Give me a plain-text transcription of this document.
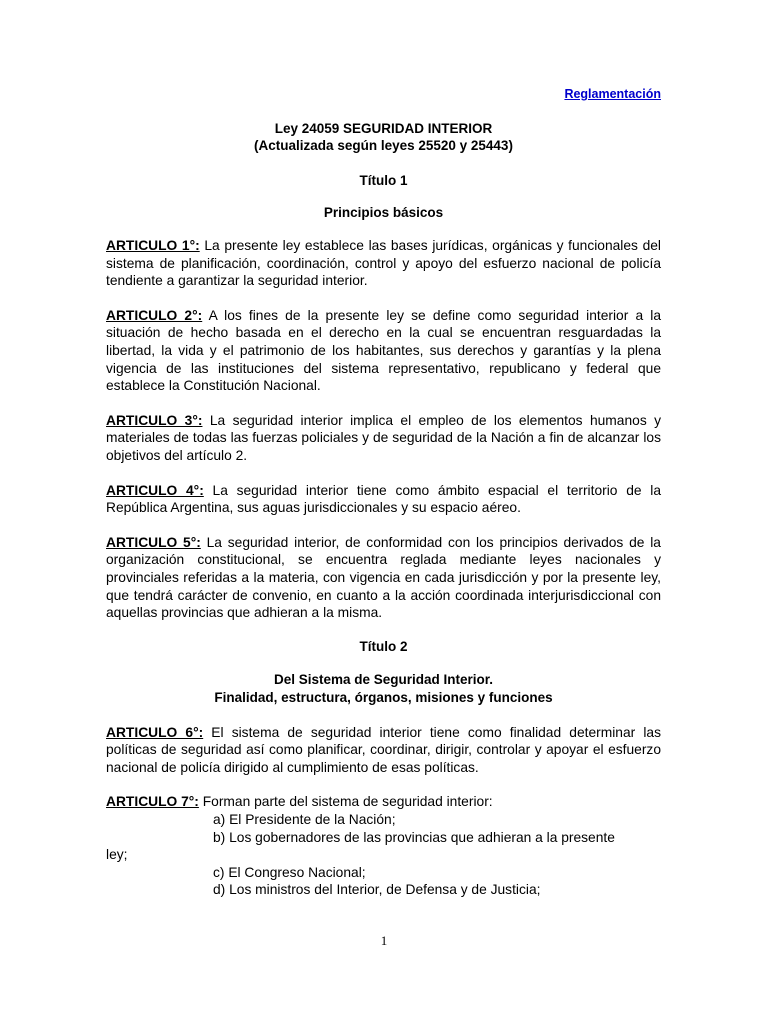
Reglamentación
Ley 24059 SEGURIDAD INTERIOR
(Actualizada según leyes 25520 y 25443)
Título 1
Principios básicos

ARTICULO 1°: La presente ley establece las bases jurídicas, orgánicas y funcionales del sistema de planificación, coordinación, control y apoyo del esfuerzo nacional de policía tendiente a garantizar la seguridad interior.

ARTICULO 2°: A los fines de la presente ley se define como seguridad interior a la situación de hecho basada en el derecho en la cual se encuentran resguardadas la libertad, la vida y el patrimonio de los habitantes, sus derechos y garantías y la plena vigencia de las instituciones del sistema representativo, republicano y federal que establece la Constitución Nacional.

ARTICULO 3°: La seguridad interior implica el empleo de los elementos humanos y materiales de todas las fuerzas policiales y de seguridad de la Nación a fin de alcanzar los objetivos del artículo 2.

ARTICULO 4°: La seguridad interior tiene como ámbito espacial el territorio de la República Argentina, sus aguas jurisdiccionales y su espacio aéreo.

ARTICULO 5°: La seguridad interior, de conformidad con los principios derivados de la organización constitucional, se encuentra reglada mediante leyes nacionales y provinciales referidas a la materia, con vigencia en cada jurisdicción y por la presente ley, que tendrá carácter de convenio, en cuanto a la acción coordinada interjurisdiccional con aquellas provincias que adhieran a la misma.

Título 2
Del Sistema de Seguridad Interior.
Finalidad, estructura, órganos, misiones y funciones

ARTICULO 6°: El sistema de seguridad interior tiene como finalidad determinar las políticas de seguridad así como planificar, coordinar, dirigir, controlar y apoyar el esfuerzo nacional de policía dirigido al cumplimiento de esas políticas.

ARTICULO 7°: Forman parte del sistema de seguridad interior:
a) El Presidente de la Nación;
b) Los gobernadores de las provincias que adhieran a la presente
ley;
c) El Congreso Nacional;
d) Los ministros del Interior, de Defensa y de Justicia;
1
